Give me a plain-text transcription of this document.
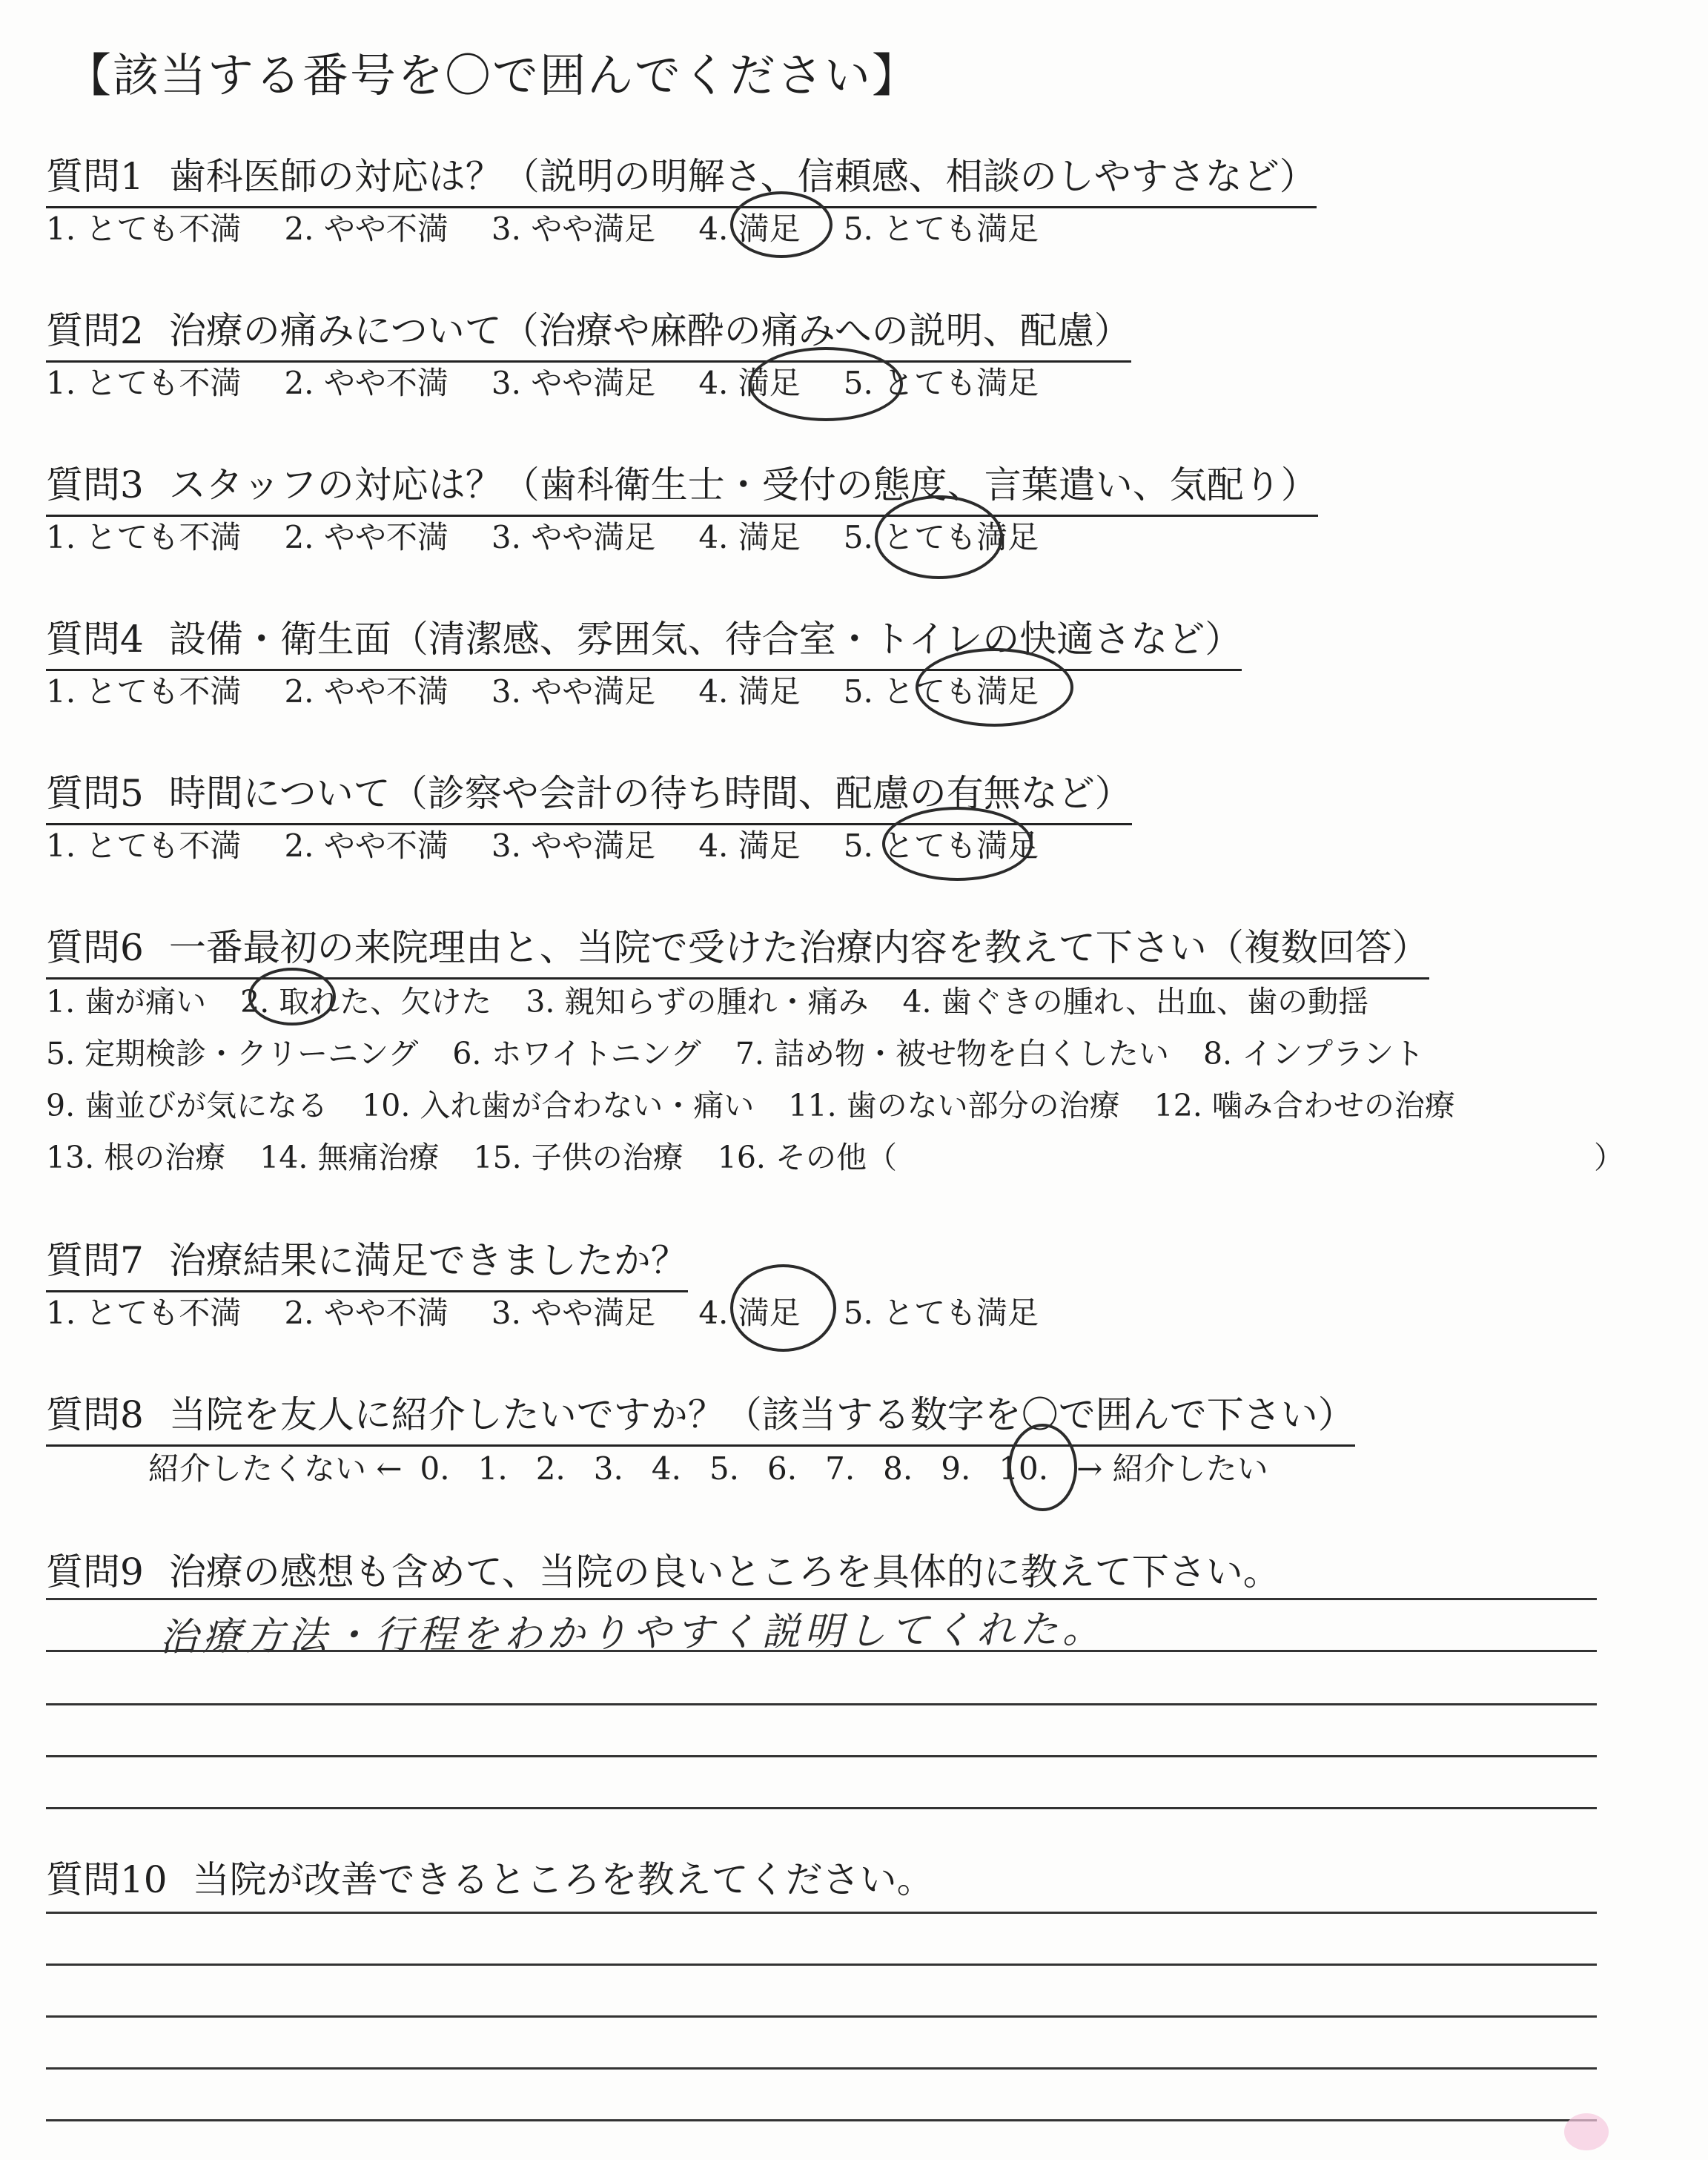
【該当する番号を〇で囲んでください】
質問1 歯科医師の対応は？（説明の明解さ、信頼感、相談のしやすさなど）
1. とても不満 2. やや不満 3. やや満足 4. 満足 5. とても満足
質問2 治療の痛みについて（治療や麻酔の痛みへの説明、配慮）
1. とても不満 2. やや不満 3. やや満足 4. 満足 5. とても満足
質問3 スタッフの対応は？（歯科衛生士・受付の態度、言葉遣い、気配り）
1. とても不満 2. やや不満 3. やや満足 4. 満足 5. とても満足
質問4 設備・衛生面（清潔感、雰囲気、待合室・トイレの快適さなど）
1. とても不満 2. やや不満 3. やや満足 4. 満足 5. とても満足
質問5 時間について（診察や会計の待ち時間、配慮の有無など）
1. とても不満 2. やや不満 3. やや満足 4. 満足 5. とても満足
質問6 一番最初の来院理由と、当院で受けた治療内容を教えて下さい（複数回答）
1. 歯が痛い 2. 取れた、欠けた 3. 親知らずの腫れ・痛み 4. 歯ぐきの腫れ、出血、歯の動揺
5. 定期検診・クリーニング 6. ホワイトニング 7. 詰め物・被せ物を白くしたい 8. インプラント
9. 歯並びが気になる 10. 入れ歯が合わない・痛い 11. 歯のない部分の治療 12. 噛み合わせの治療
13. 根の治療 14. 無痛治療 15. 子供の治療 16. その他（	）
質問7 治療結果に満足できましたか？
1. とても不満 2. やや不満 3. やや満足 4. 満足 5. とても満足
質問8 当院を友人に紹介したいですか？（該当する数字を〇で囲んで下さい）
紹介したくない ← 0. 1. 2. 3. 4. 5. 6. 7. 8. 9. 10. → 紹介したい
質問9 治療の感想も含めて、当院の良いところを具体的に教えて下さい。
治療方法・行程をわかりやすく説明してくれた。
質問10 当院が改善できるところを教えてください。
